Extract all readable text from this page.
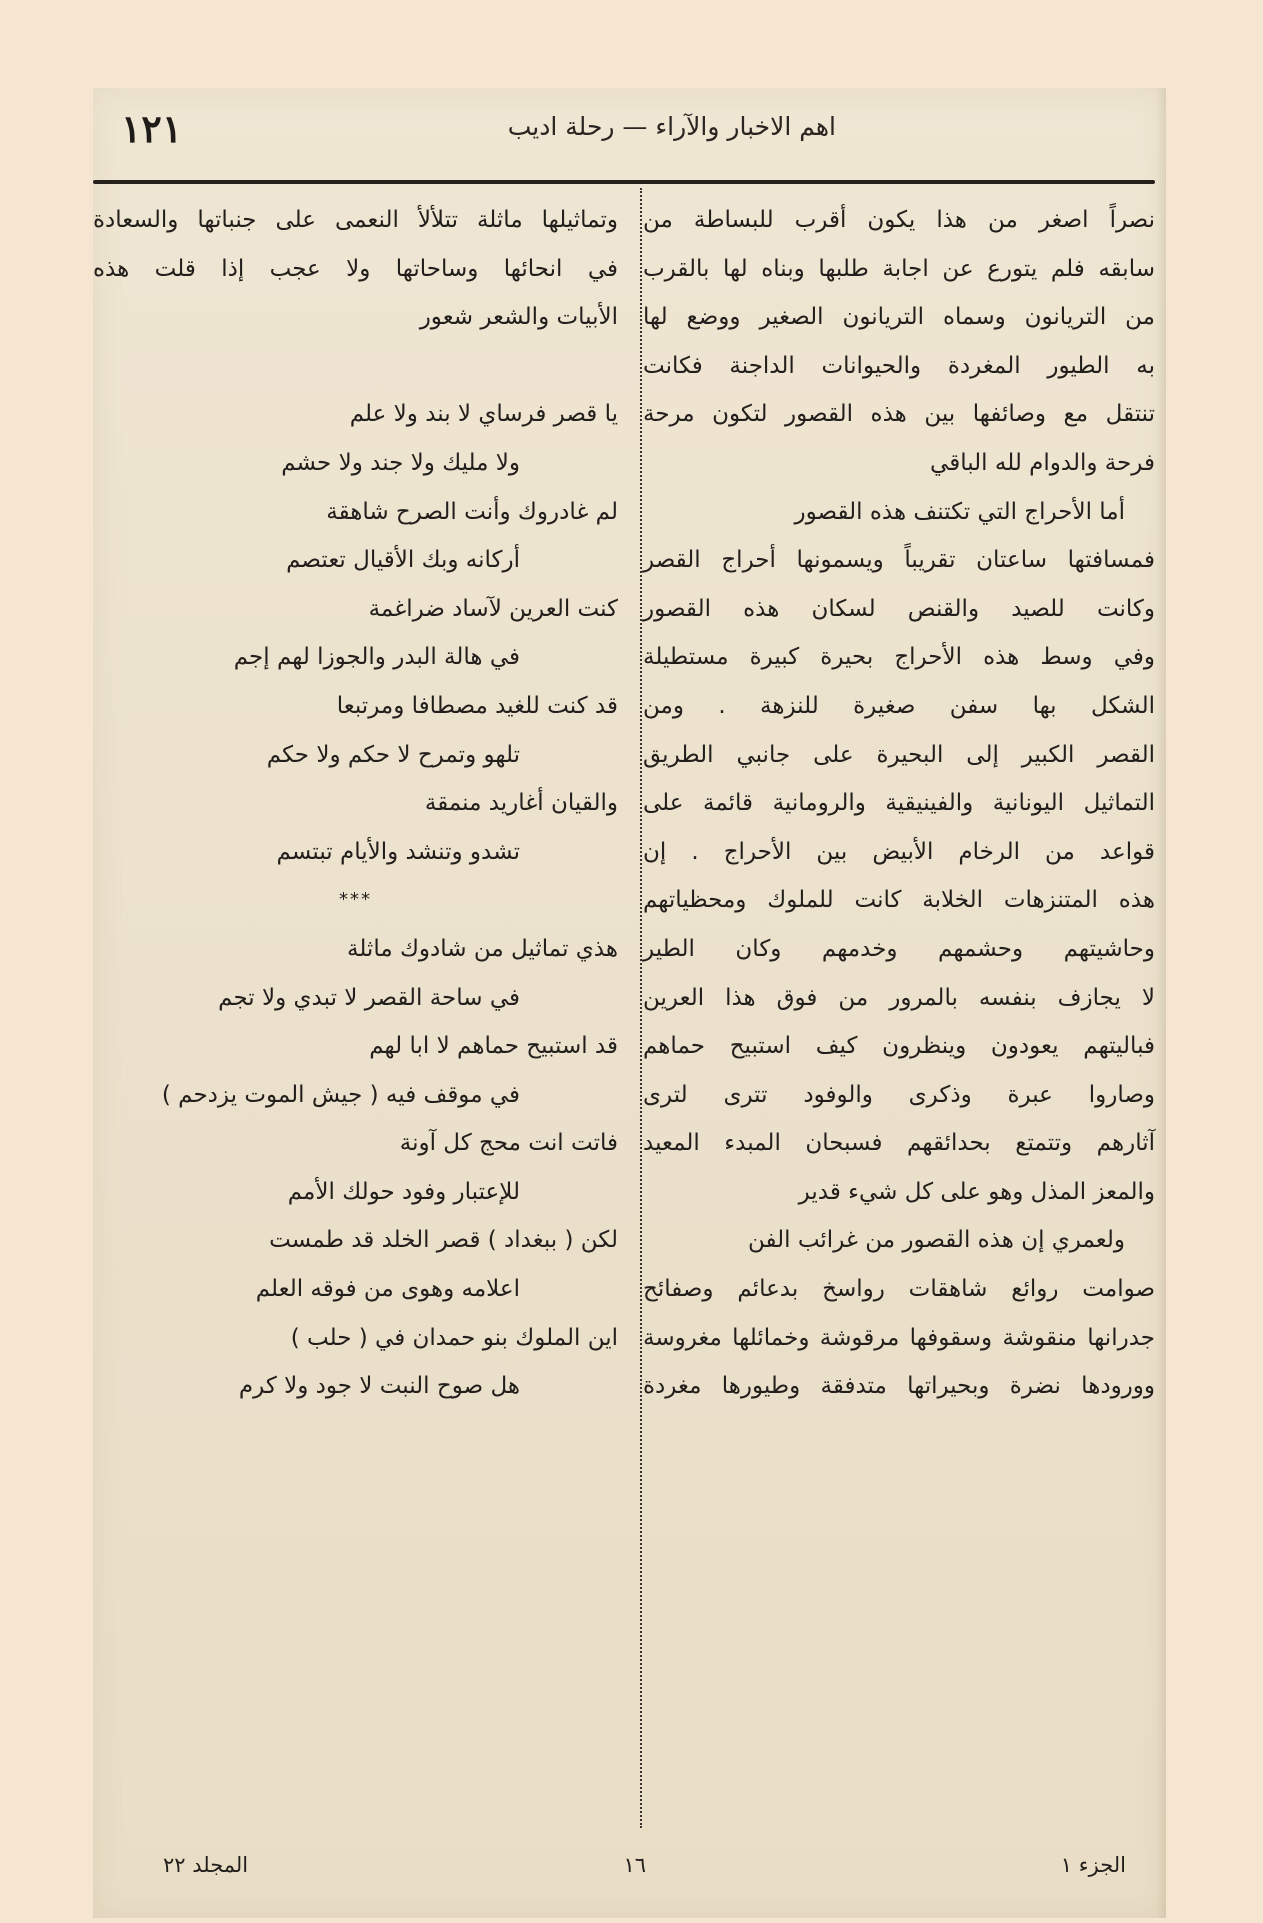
١٢١	اهم الاخبار والآراء — رحلة اديب
نصراً اصغر من هذا يكون أقرب للبساطة من
سابقه فلم يتورع عن اجابة طلبها وبناه لها بالقرب
من التريانون وسماه التريانون الصغير ووضع لها
به الطيور المغردة والحيوانات الداجنة فكانت
تنتقل مع وصائفها بين هذه القصور لتكون مرحة
فرحة والدوام لله الباقي
أما الأحراج التي تكتنف هذه القصور
فمسافتها ساعتان تقريباً ويسمونها أحراج القصر
وكانت للصيد والقنص لسكان هذه القصور
وفي وسط هذه الأحراج بحيرة كبيرة مستطيلة
الشكل بها سفن صغيرة للنزهة . ومن
القصر الكبير إلى البحيرة على جانبي الطريق
التماثيل اليونانية والفينيقية والرومانية قائمة على
قواعد من الرخام الأبيض بين الأحراج . إن
هذه المتنزهات الخلابة كانت للملوك ومحظياتهم
وحاشيتهم وحشمهم وخدمهم وكان الطير
لا يجازف بنفسه بالمرور من فوق هذا العرين
فباليتهم يعودون وينظرون كيف استبيح حماهم
وصاروا عبرة وذكرى والوفود تترى لترى
آثارهم وتتمتع بحدائقهم فسبحان المبدء المعيد
والمعز المذل وهو على كل شيء قدير
ولعمري إن هذه القصور من غرائب الفن
صوامت روائع شاهقات رواسخ بدعائم وصفائح
جدرانها منقوشة وسقوفها مرقوشة وخمائلها مغروسة
وورودها نضرة وبحيراتها متدفقة وطيورها مغردة
وتماثيلها ماثلة تتلألأ النعمى على جنباتها والسعادة
في انحائها وساحاتها ولا عجب إذا قلت هذه
الأبيات والشعر شعور
يا قصر فرساي لا بند ولا علم
ولا مليك ولا جند ولا حشم
لم غادروك وأنت الصرح شاهقة
أركانه وبك الأقيال تعتصم
كنت العرين لآساد ضراغمة
في هالة البدر والجوزا لهم إجم
قد كنت للغيد مصطافا ومرتبعا
تلهو وتمرح لا حكم ولا حكم
والقيان أغاريد منمقة
تشدو وتنشد والأيام تبتسم
***
هذي تماثيل من شادوك ماثلة
في ساحة القصر لا تبدي ولا تجم
قد استبيح حماهم لا ابا لهم
في موقف فيه ( جيش الموت يزدحم )
فاتت انت محج كل آونة
للإعتبار وفود حولك الأمم
لكن ( ببغداد ) قصر الخلد قد طمست
اعلامه وهوى من فوقه العلم
اين الملوك بنو حمدان في ( حلب )
هل صوح النبت لا جود ولا كرم
الجزء ١
١٦
المجلد ٢٢
